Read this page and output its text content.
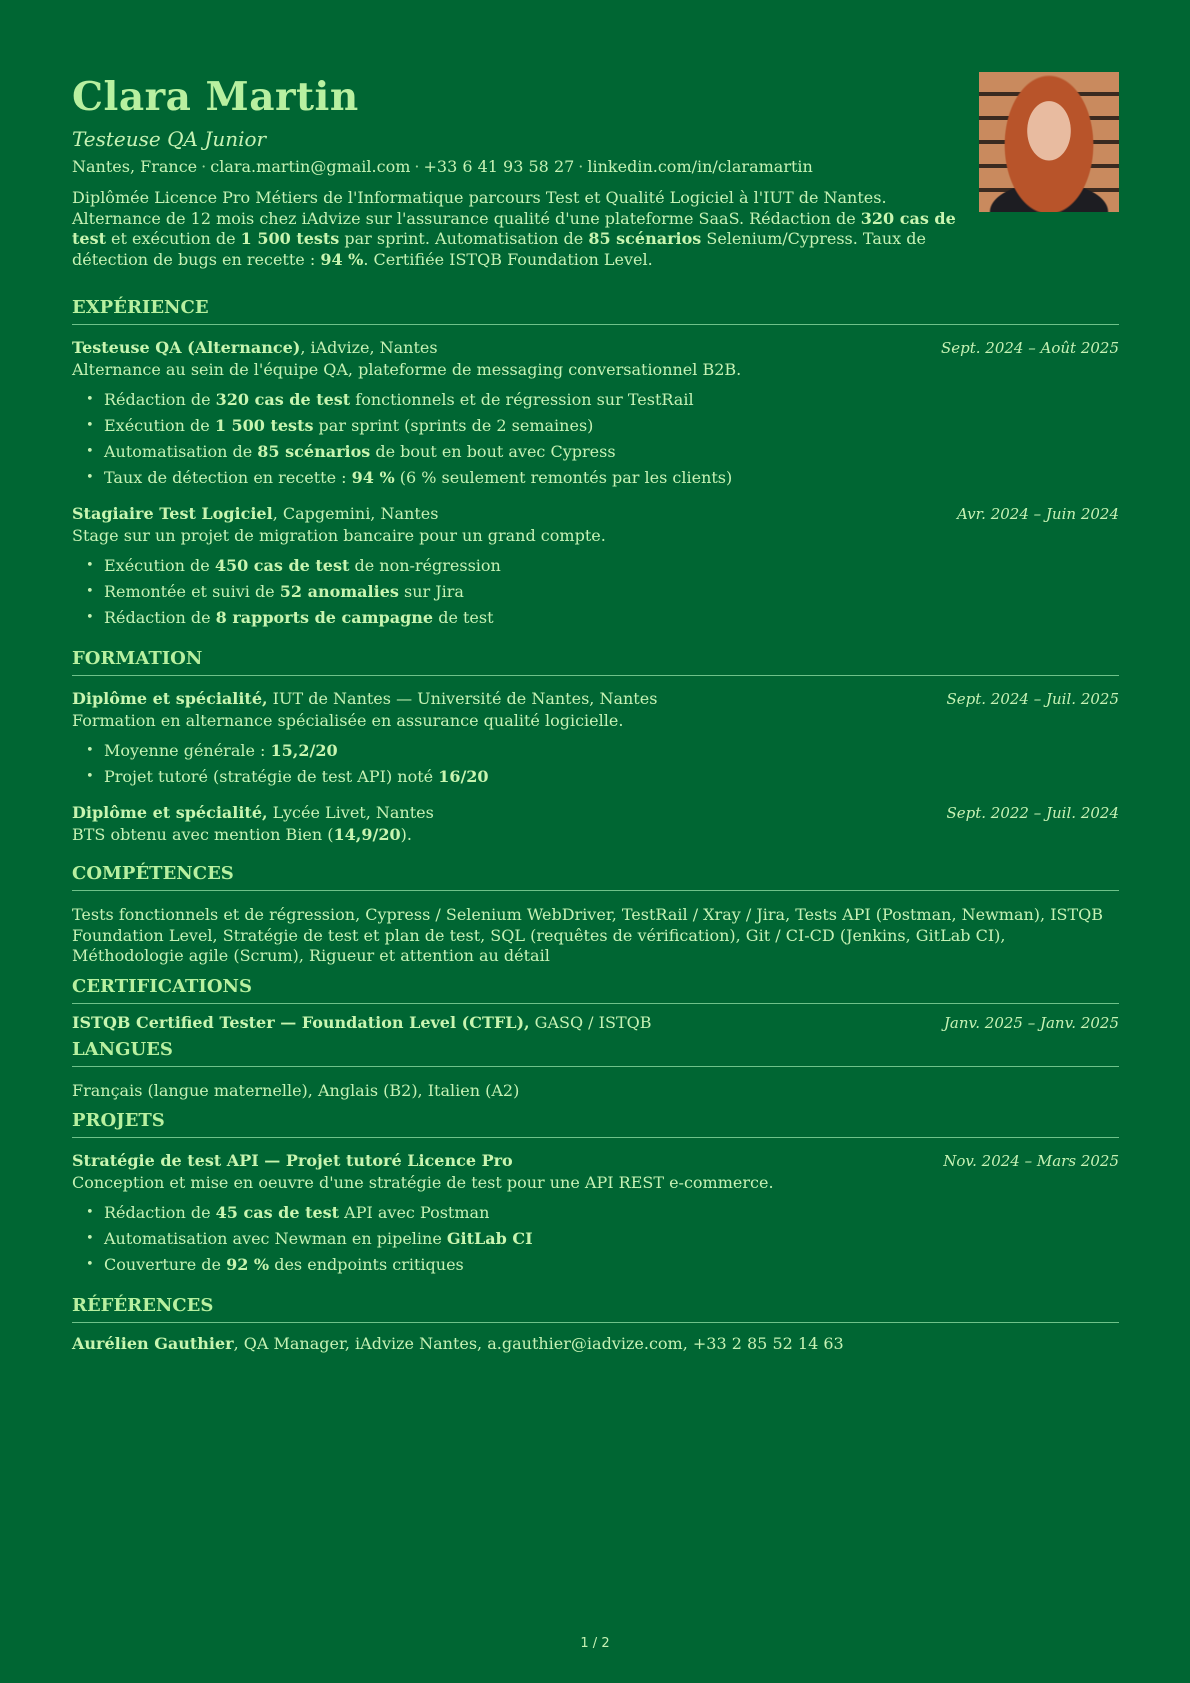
Clara Martin
Testeuse QA Junior
Nantes, France · clara.martin@gmail.com · +33 6 41 93 58 27 · linkedin.com/in/claramartin
Diplômée Licence Pro Métiers de l'Informatique parcours Test et Qualité Logiciel à l'IUT de Nantes. Alternance de 12 mois chez iAdvize sur l'assurance qualité d'une plateforme SaaS. Rédaction de 320 cas de test et exécution de 1 500 tests par sprint. Automatisation de 85 scénarios Selenium/Cypress. Taux de détection de bugs en recette : 94 %. Certifiée ISTQB Foundation Level.
EXPÉRIENCE
Testeuse QA (Alternance), iAdvize, Nantes	Sept. 2024 – Août 2025
Alternance au sein de l'équipe QA, plateforme de messaging conversationnel B2B.
• Rédaction de 320 cas de test fonctionnels et de régression sur TestRail
• Exécution de 1 500 tests par sprint (sprints de 2 semaines)
• Automatisation de 85 scénarios de bout en bout avec Cypress
• Taux de détection en recette : 94 % (6 % seulement remontés par les clients)
Stagiaire Test Logiciel, Capgemini, Nantes	Avr. 2024 – Juin 2024
Stage sur un projet de migration bancaire pour un grand compte.
• Exécution de 450 cas de test de non-régression
• Remontée et suivi de 52 anomalies sur Jira
• Rédaction de 8 rapports de campagne de test
FORMATION
Diplôme et spécialité, IUT de Nantes — Université de Nantes, Nantes	Sept. 2024 – Juil. 2025
Formation en alternance spécialisée en assurance qualité logicielle.
• Moyenne générale : 15,2/20
• Projet tutoré (stratégie de test API) noté 16/20
Diplôme et spécialité, Lycée Livet, Nantes	Sept. 2022 – Juil. 2024
BTS obtenu avec mention Bien (14,9/20).
COMPÉTENCES
Tests fonctionnels et de régression, Cypress / Selenium WebDriver, TestRail / Xray / Jira, Tests API (Postman, Newman), ISTQB Foundation Level, Stratégie de test et plan de test, SQL (requêtes de vérification), Git / CI-CD (Jenkins, GitLab CI), Méthodologie agile (Scrum), Rigueur et attention au détail
CERTIFICATIONS
ISTQB Certified Tester — Foundation Level (CTFL), GASQ / ISTQB	Janv. 2025 – Janv. 2025
LANGUES
Français (langue maternelle), Anglais (B2), Italien (A2)
PROJETS
Stratégie de test API — Projet tutoré Licence Pro	Nov. 2024 – Mars 2025
Conception et mise en oeuvre d'une stratégie de test pour une API REST e-commerce.
• Rédaction de 45 cas de test API avec Postman
• Automatisation avec Newman en pipeline GitLab CI
• Couverture de 92 % des endpoints critiques
RÉFÉRENCES
Aurélien Gauthier, QA Manager, iAdvize Nantes, a.gauthier@iadvize.com, +33 2 85 52 14 63
1 / 2
